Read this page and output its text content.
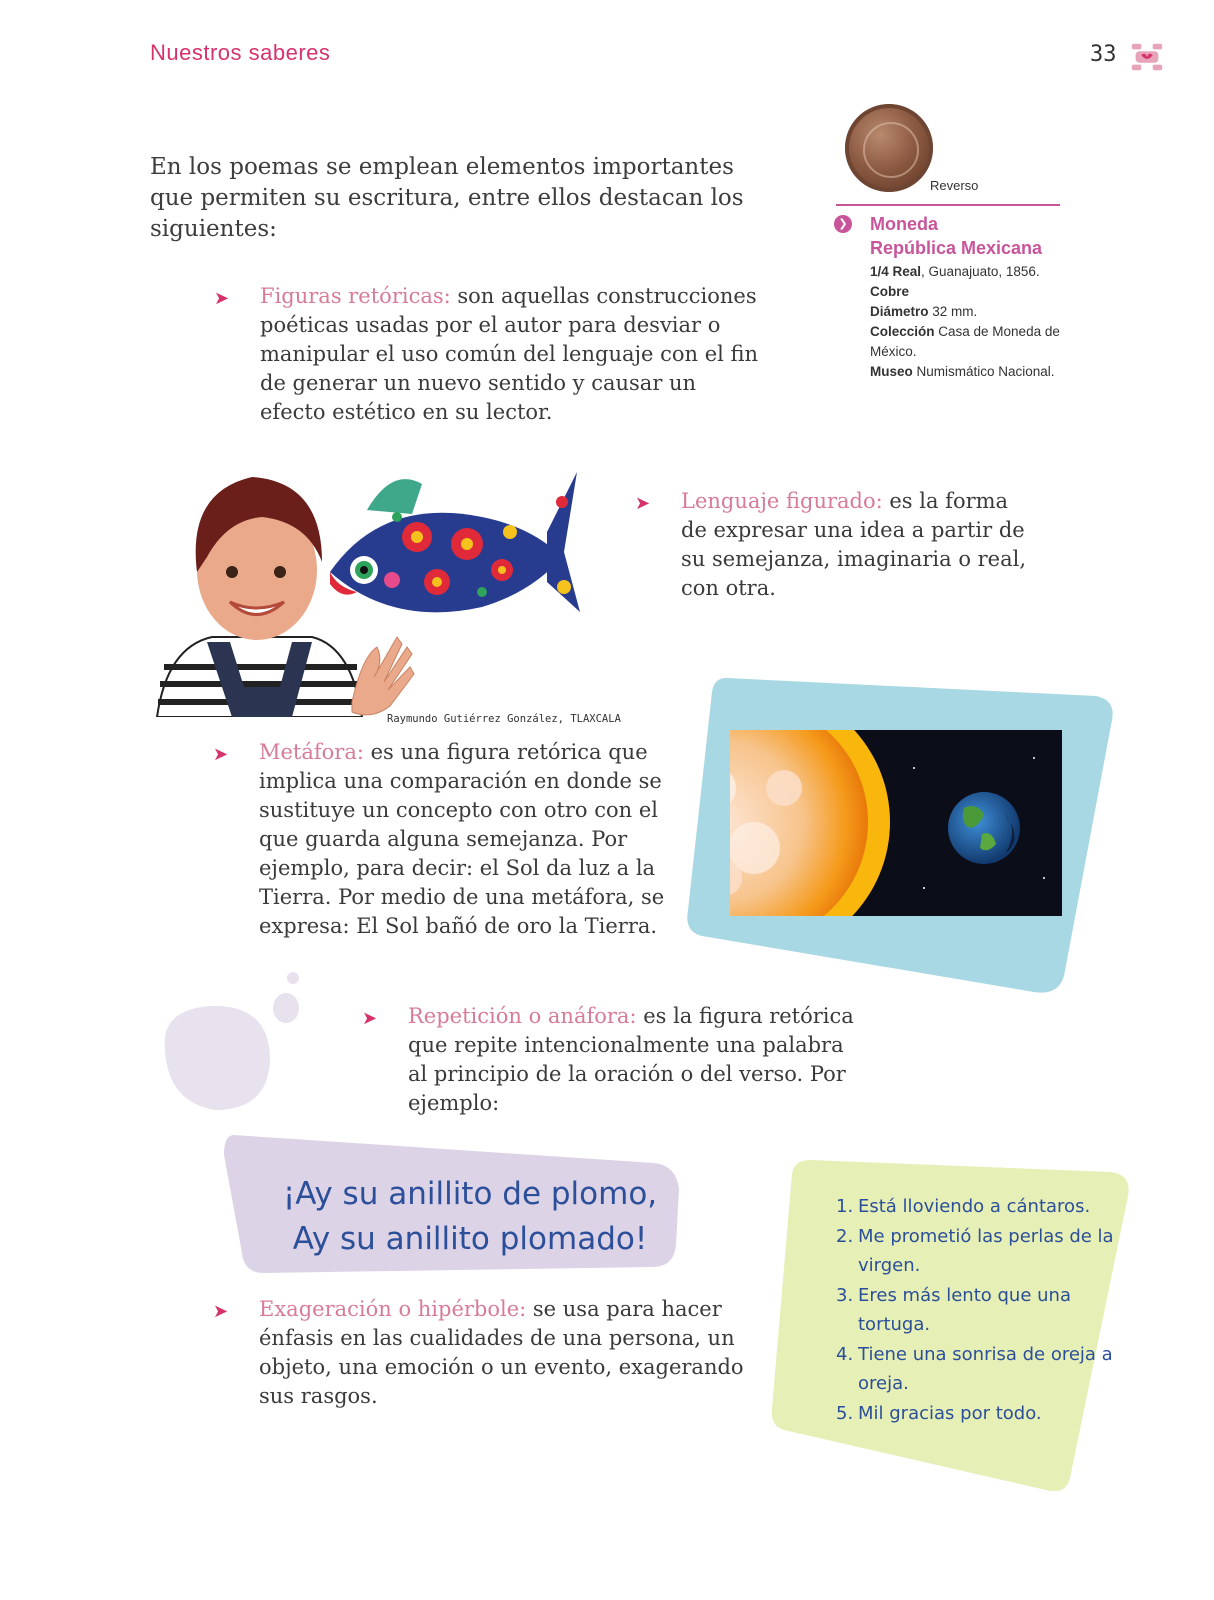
Nuestros saberes	33
En los poemas se emplean elementos importantes que permiten su escritura, entre ellos destacan los siguientes:
Reverso
❯ Moneda
República Mexicana
1/4 Real, Guanajuato, 1856.
Cobre
Diámetro 32 mm.
Colección Casa de Moneda de México.
Museo Numismático Nacional.
➤ Figuras retóricas: son aquellas construcciones poéticas usadas por el autor para desviar o manipular el uso común del lenguaje con el fin de generar un nuevo sentido y causar un efecto estético en su lector.
Raymundo Gutiérrez González, TLAXCALA
➤ Lenguaje figurado: es la forma de expresar una idea a partir de su semejanza, imaginaria o real, con otra.
➤ Metáfora: es una figura retórica que implica una comparación en donde se sustituye un concepto con otro con el que guarda alguna semejanza. Por ejemplo, para decir: el Sol da luz a la Tierra. Por medio de una metáfora, se expresa: El Sol bañó de oro la Tierra.
➤ Repetición o anáfora: es la figura retórica que repite intencionalmente una palabra al principio de la oración o del verso. Por ejemplo:
¡Ay su anillito de plomo,
Ay su anillito plomado!
➤ Exageración o hipérbole: se usa para hacer énfasis en las cualidades de una persona, un objeto, una emoción o un evento, exagerando sus rasgos.
1. Está lloviendo a cántaros.
2. Me prometió las perlas de la virgen.
3. Eres más lento que una tortuga.
4. Tiene una sonrisa de oreja a oreja.
5. Mil gracias por todo.
